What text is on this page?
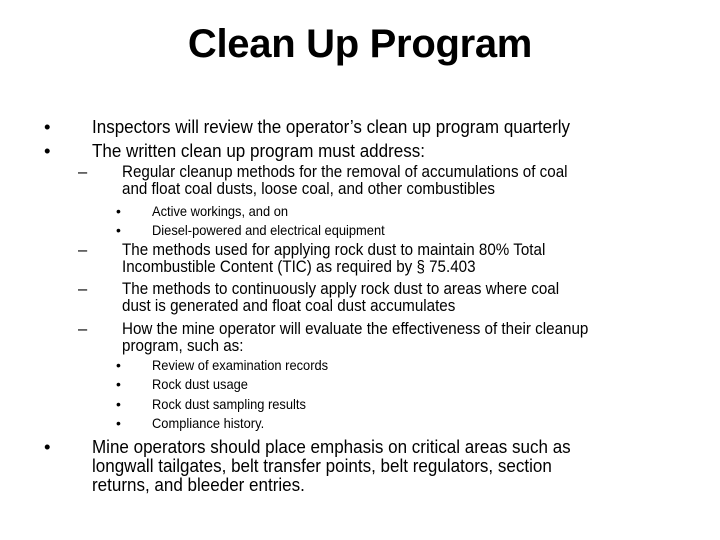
Clean Up Program
• Inspectors will review the operator’s clean up program quarterly
• The written clean up program must address:
– Regular cleanup methods for the removal of accumulations of coal
and float coal dusts, loose coal, and other combustibles
• Active workings, and on
• Diesel-powered and electrical equipment
– The methods used for applying rock dust to maintain 80% Total
Incombustible Content (TIC) as required by § 75.403
– The methods to continuously apply rock dust to areas where coal
dust is generated and float coal dust accumulates
– How the mine operator will evaluate the effectiveness of their cleanup
program, such as:
• Review of examination records
• Rock dust usage
• Rock dust sampling results
• Compliance history.
• Mine operators should place emphasis on critical areas such as
longwall tailgates, belt transfer points, belt regulators, section
returns, and bleeder entries.
